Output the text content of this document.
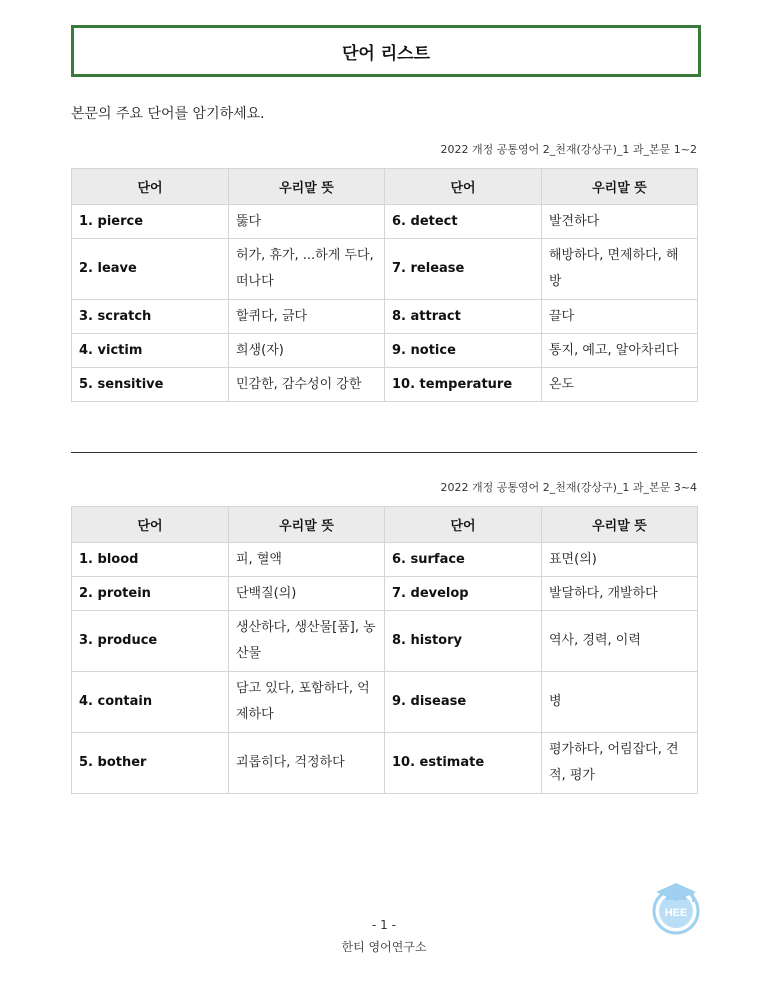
단어 리스트
본문의 주요 단어를 암기하세요.
2022 개정 공통영어 2_천재(강상구)_1 과_본문 1~2
단어	우리말 뜻	단어	우리말 뜻
1. pierce	뚫다	6. detect	발견하다
2. leave	허가, 휴가, ...하게 두다, 떠나다	7. release	해방하다, 면제하다, 해방
3. scratch	할퀴다, 긁다	8. attract	끌다
4. victim	희생(자)	9. notice	통지, 예고, 알아차리다
5. sensitive	민감한, 감수성이 강한	10. temperature	온도
2022 개정 공통영어 2_천재(강상구)_1 과_본문 3~4
단어	우리말 뜻	단어	우리말 뜻
1. blood	피, 혈액	6. surface	표면(의)
2. protein	단백질(의)	7. develop	발달하다, 개발하다
3. produce	생산하다, 생산물[품], 농산물	8. history	역사, 경력, 이력
4. contain	담고 있다, 포함하다, 억제하다	9. disease	병
5. bother	괴롭히다, 걱정하다	10. estimate	평가하다, 어림잡다, 견적, 평가
- 1 -
한티 영어연구소
HEE
